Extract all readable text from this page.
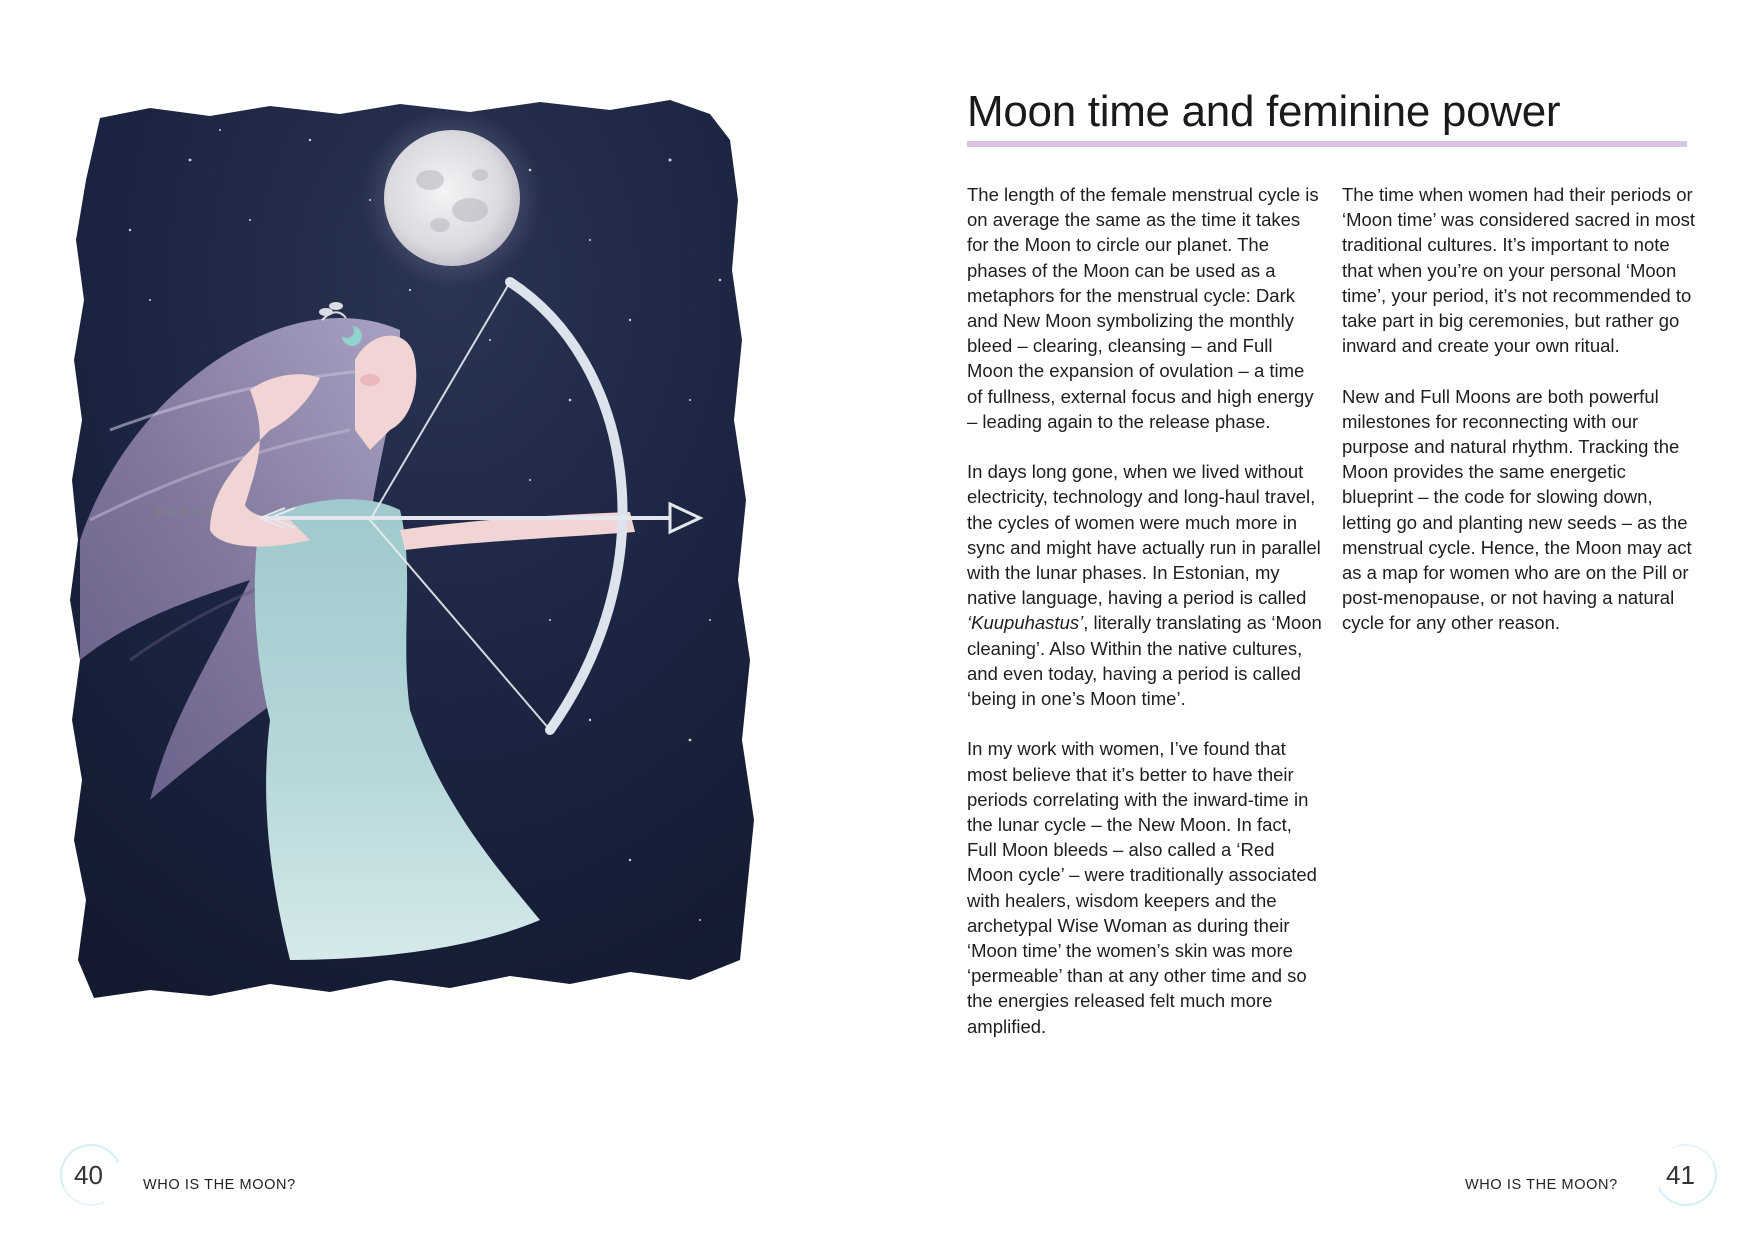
Moon time and feminine power

The length of the female menstrual cycle is on average the same as the time it takes for the Moon to circle our planet. The phases of the Moon can be used as a metaphors for the menstrual cycle: Dark and New Moon symbolizing the monthly bleed – clearing, cleansing – and Full Moon the expansion of ovulation – a time of fullness, external focus and high energy – leading again to the release phase.

In days long gone, when we lived without electricity, technology and long-haul travel, the cycles of women were much more in sync and might have actually run in parallel with the lunar phases. In Estonian, my native language, having a period is called ‘Kuupuhastus’, literally translating as ‘Moon cleaning’. Also Within the native cultures, and even today, having a period is called ‘being in one’s Moon time’.

In my work with women, I’ve found that most believe that it’s better to have their periods correlating with the inward-time in the lunar cycle – the New Moon. In fact, Full Moon bleeds – also called a ‘Red Moon cycle’ – were traditionally associated with healers, wisdom keepers and the archetypal Wise Woman as during their ‘Moon time’ the women’s skin was more ‘permeable’ than at any other time and so the energies released felt much more amplified.

The time when women had their periods or ‘Moon time’ was considered sacred in most traditional cultures. It’s important to note that when you’re on your personal ‘Moon time’, your period, it’s not recommended to take part in big ceremonies, but rather go inward and create your own ritual.

New and Full Moons are both powerful milestones for reconnecting with our purpose and natural rhythm. Tracking the Moon provides the same energetic blueprint – the code for slowing down, letting go and planting new seeds – as the menstrual cycle. Hence, the Moon may act as a map for women who are on the Pill or post-menopause, or not having a natural cycle for any other reason.

40	WHO IS THE MOON?	WHO IS THE MOON? 41
